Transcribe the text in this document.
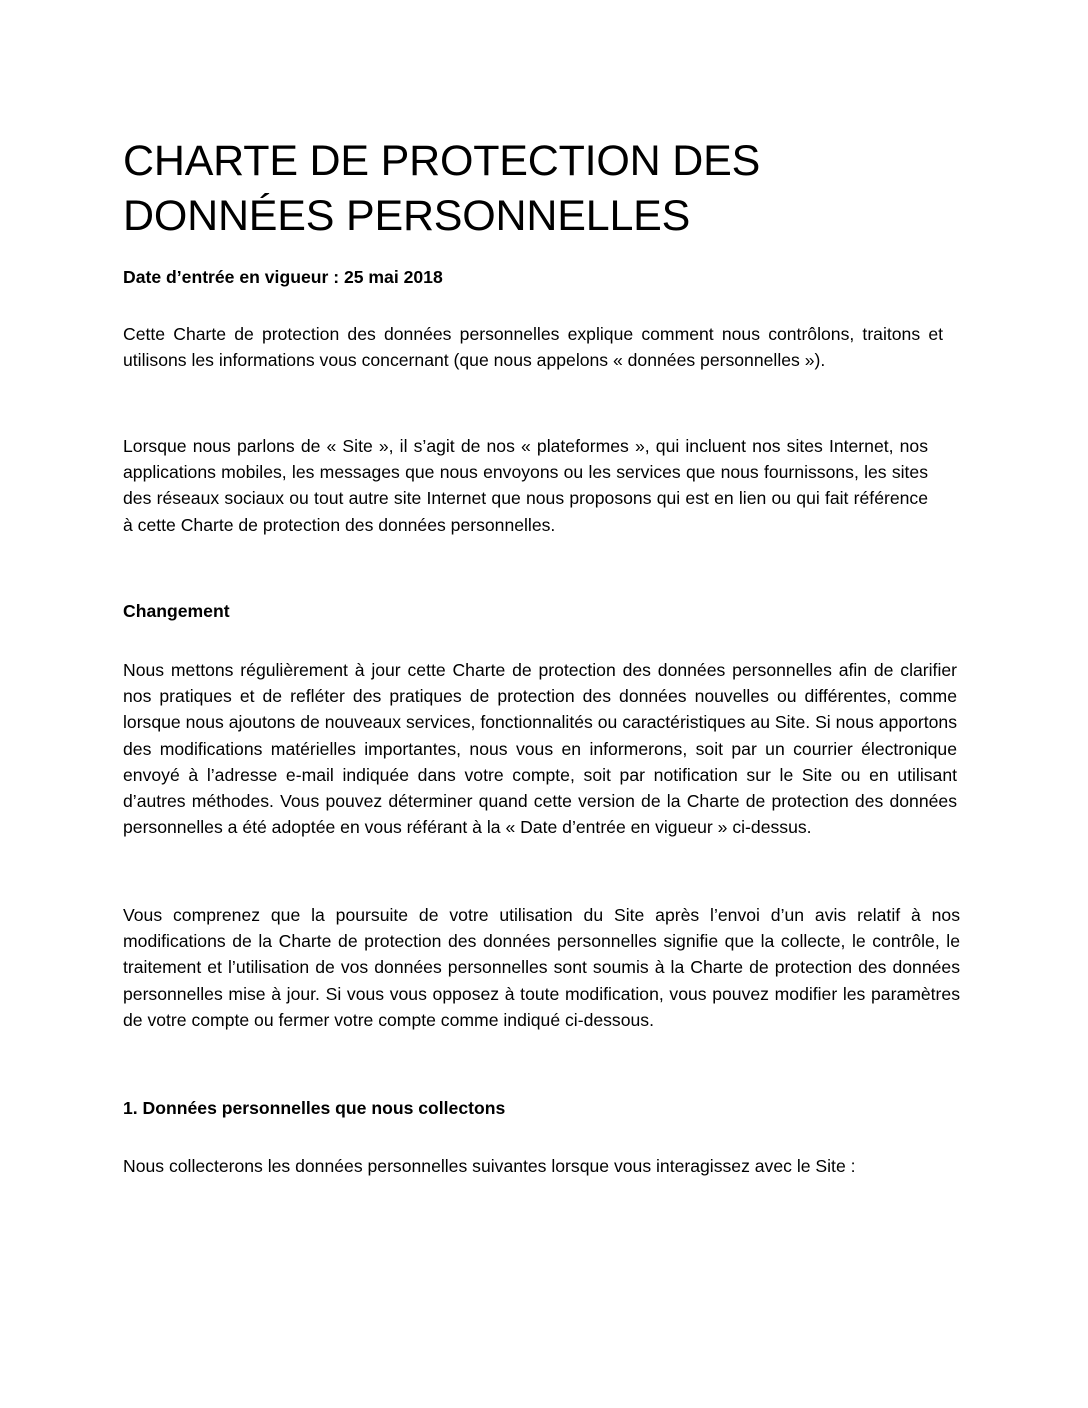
CHARTE DE PROTECTION DES DONNÉES PERSONNELLES

Date d’entrée en vigueur : 25 mai 2018

Cette Charte de protection des données personnelles explique comment nous contrôlons, traitons et utilisons les informations vous concernant (que nous appelons « données personnelles »).

Lorsque nous parlons de « Site », il s’agit de nos « plateformes », qui incluent nos sites Internet, nos applications mobiles, les messages que nous envoyons ou les services que nous fournissons, les sites des réseaux sociaux ou tout autre site Internet que nous proposons qui est en lien ou qui fait référence à cette Charte de protection des données personnelles.

Changement

Nous mettons régulièrement à jour cette Charte de protection des données personnelles afin de clarifier nos pratiques et de refléter des pratiques de protection des données nouvelles ou différentes, comme lorsque nous ajoutons de nouveaux services, fonctionnalités ou caractéristiques au Site. Si nous apportons des modifications matérielles importantes, nous vous en informerons, soit par un courrier électronique envoyé à l’adresse e-mail indiquée dans votre compte, soit par notification sur le Site ou en utilisant d’autres méthodes. Vous pouvez déterminer quand cette version de la Charte de protection des données personnelles a été adoptée en vous référant à la « Date d’entrée en vigueur » ci-dessus.

Vous comprenez que la poursuite de votre utilisation du Site après l’envoi d’un avis relatif à nos modifications de la Charte de protection des données personnelles signifie que la collecte, le contrôle, le traitement et l’utilisation de vos données personnelles sont soumis à la Charte de protection des données personnelles mise à jour. Si vous vous opposez à toute modification, vous pouvez modifier les paramètres de votre compte ou fermer votre compte comme indiqué ci-dessous.

1. Données personnelles que nous collectons

Nous collecterons les données personnelles suivantes lorsque vous interagissez avec le Site :
